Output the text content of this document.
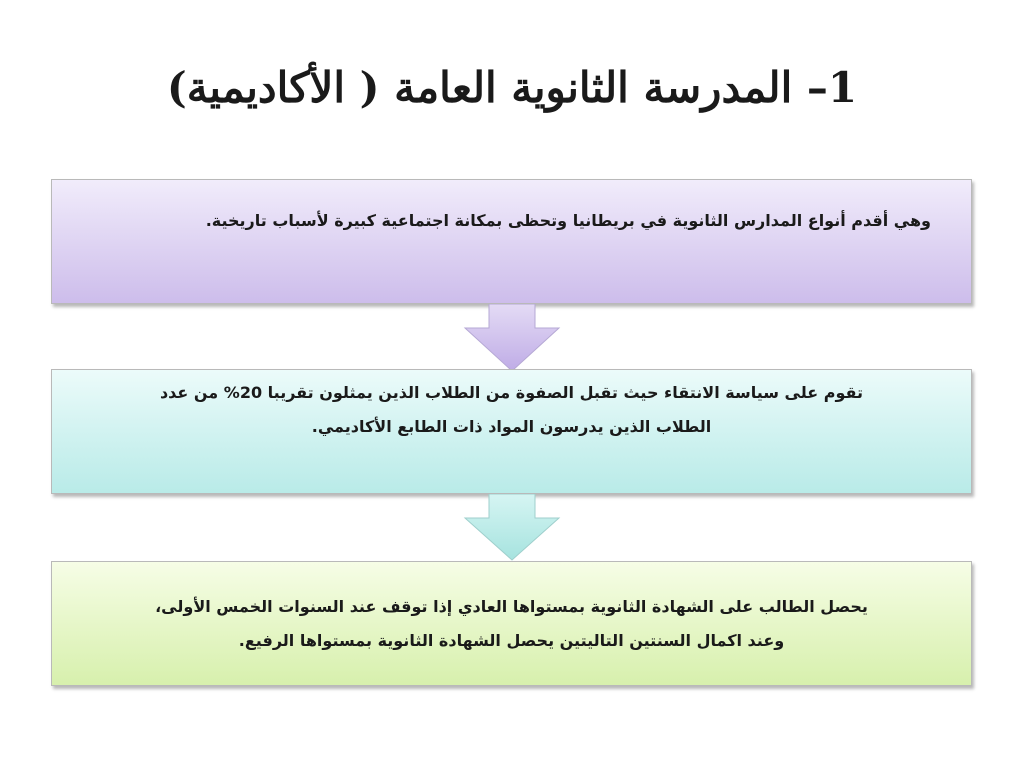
1– المدرسة الثانوية العامة ( الأكاديمية)

وهي أقدم أنواع المدارس الثانوية في بريطانيا وتحظى بمكانة اجتماعية كبيرة لأسباب تاريخية.

تقوم على سياسة الانتقاء حيث تقبل الصفوة من الطلاب الذين يمثلون تقريبا 20% من عدد

الطلاب الذين يدرسون المواد ذات الطابع الأكاديمي.

يحصل الطالب على الشهادة الثانوية بمستواها العادي إذا توقف عند السنوات الخمس الأولى،

وعند اكمال السنتين التاليتين يحصل الشهادة الثانوية بمستواها الرفيع.
